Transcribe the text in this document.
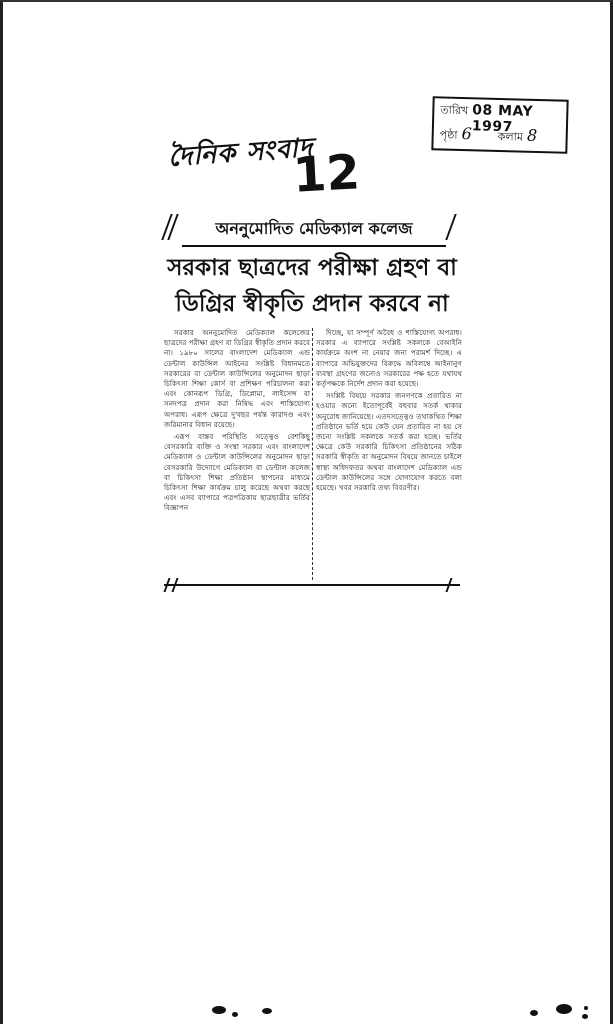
তারিখ 08 MAY 1997
পৃষ্ঠা 6 কলাম 8
দৈনিক সংবাদ
12
অননুমোদিত মেডিক্যাল কলেজ
সরকার ছাত্রদের পরীক্ষা গ্রহণ বা
ডিগ্রির স্বীকৃতি প্রদান করবে না

সরকার অননুমোদিত মেডিক্যাল কলেজের ছাত্রদের পরীক্ষা গ্রহণ বা ডিগ্রির স্বীকৃতি প্রদান করবে না। ১৯৮০ সালের বাংলাদেশ মেডিক্যাল এন্ড ডেন্টাল কাউন্সিল আইনের সংশ্লিষ্ট বিধানমতে সরকারের বা ডেন্টাল কাউন্সিলের অনুমোদন ছাড়া চিকিৎসা শিক্ষা কোর্স বা প্রশিক্ষণ পরিচালনা করা এবং কোনরূপ ডিগ্রি, ডিপ্লোমা, লাইসেন্স বা সনদপত্র প্রদান করা নিষিদ্ধ এবং শাস্তিযোগ্য অপরাধ। এরূপ ক্ষেত্রে দু'বছর পর্যন্ত কারাদণ্ড এবং জরিমানার বিধান রয়েছে।

এরূপ বাস্তব পরিস্থিতি সত্ত্বেও বেশকিছু বেসরকারি ব্যক্তি ও সংস্থা সরকার এবং বাংলাদেশ মেডিক্যাল ও ডেন্টাল কাউন্সিলের অনুমোদন ছাড়া বেসরকারি উদ্যোগে মেডিক্যাল বা ডেন্টাল কলেজ বা চিকিৎসা শিক্ষা প্রতিষ্ঠান স্থাপনের মাধ্যমে চিকিৎসা শিক্ষা কার্যক্রম চালু করেছে অথবা করছে এবং এসব ব্যাপারে পত্রপত্রিকায় ছাত্রছাত্রীর ভর্তির বিজ্ঞাপন

দিচ্ছে, যা সম্পূর্ণ অবৈধ ও শাস্তিযোগ্য অপরাধ। সরকার এ ব্যাপারে সংশ্লিষ্ট সকলকে বেআইনি কার্যক্রমে অংশ না নেয়ার জন্য পরামর্শ দিচ্ছে। এ ব্যাপারে অভিযুক্তদের বিরুদ্ধে অবিলম্বে আইনানুগ ব্যবস্থা গ্রহণের জন্যেও সরকারের পক্ষ হতে যথাযথ কর্তৃপক্ষকে নির্দেশ প্রদান করা হয়েছে।

সংশ্লিষ্ট বিষয়ে সরকার জনগণকে প্রতারিত না হওয়ার জন্যে ইতোপূর্বেই বহুবার সতর্ক থাকার অনুরোধ জানিয়েছে। এতদসত্ত্বেও তথাকথিত শিক্ষা প্রতিষ্ঠানে ভর্তি হয়ে কেউ যেন প্রতারিত না হয় সে জন্যে সংশ্লিষ্ট সকলকে সতর্ক করা হচ্ছে। ভর্তির ক্ষেত্রে কেউ সরকারি চিকিৎসা প্রতিষ্ঠানের সঠিক সরকারি স্বীকৃতি বা অনুমোদন বিষয়ে জানতে চাইলে স্বাস্থ্য অধিদফতর অথবা বাংলাদেশ মেডিক্যাল এন্ড ডেন্টাল কাউন্সিলের সঙ্গে যোগাযোগ করতে বলা হয়েছে। খবর সরকারি তথ্য বিবরণীর।
